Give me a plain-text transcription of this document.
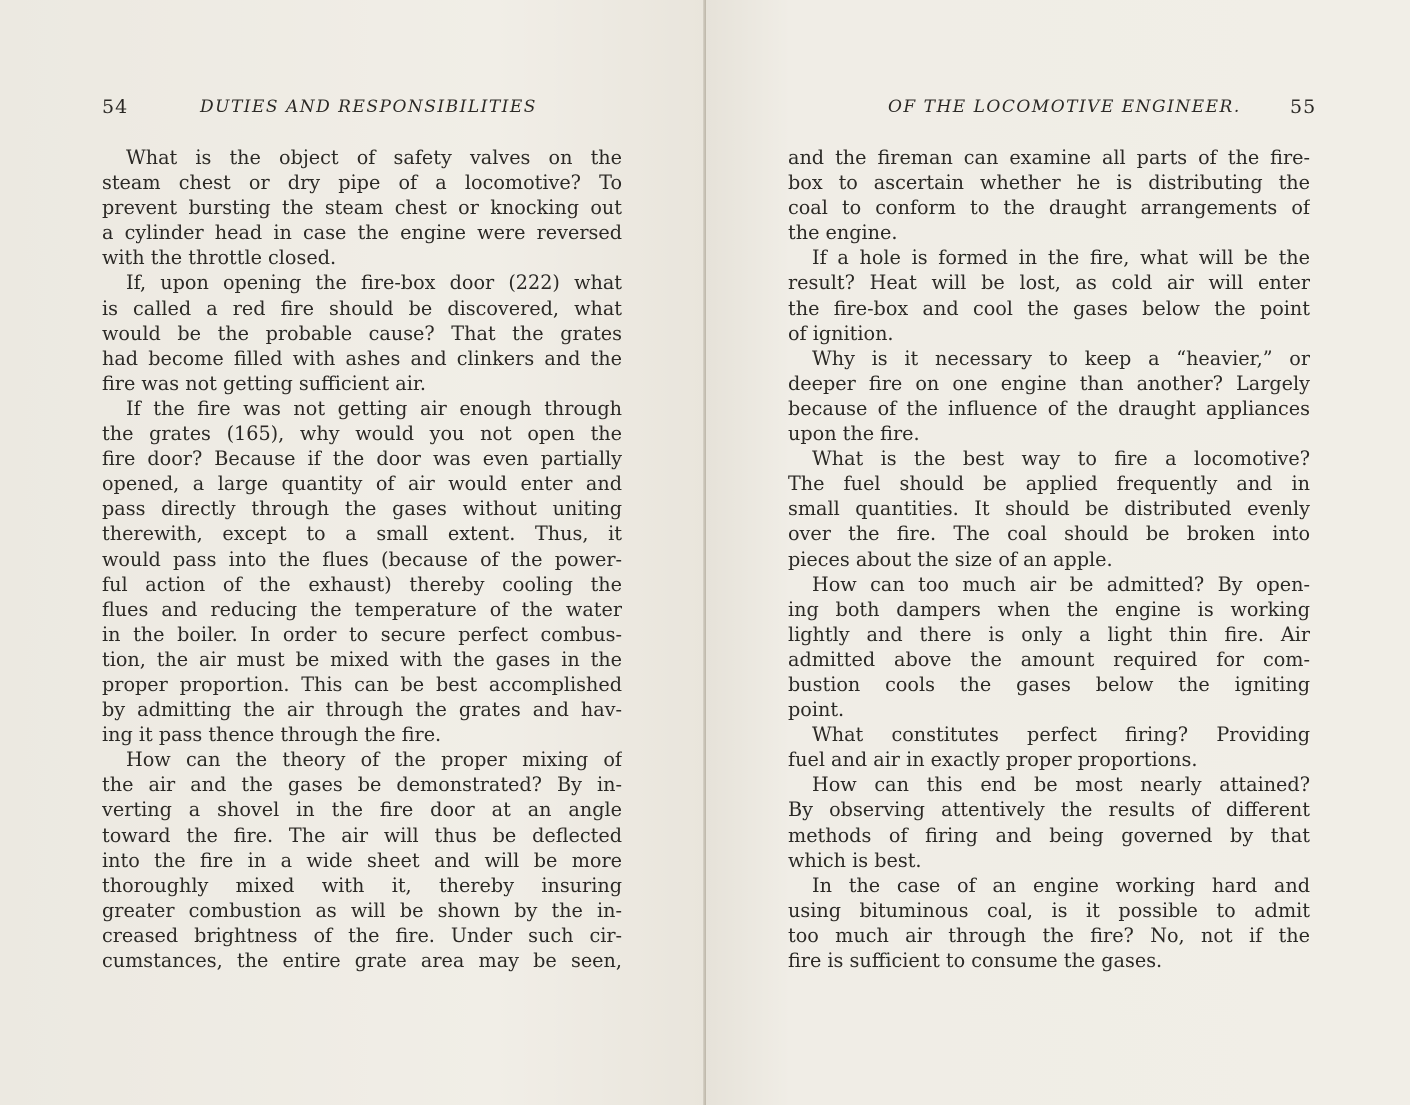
54	DUTIES AND RESPONSIBILITIES
What is the object of safety valves on the
steam chest or dry pipe of a locomotive? To
prevent bursting the steam chest or knocking out
a cylinder head in case the engine were reversed
with the throttle closed.
If, upon opening the fire-box door (222) what
is called a red fire should be discovered, what
would be the probable cause? That the grates
had become filled with ashes and clinkers and the
fire was not getting sufficient air.
If the fire was not getting air enough through
the grates (165), why would you not open the
fire door? Because if the door was even partially
opened, a large quantity of air would enter and
pass directly through the gases without uniting
therewith, except to a small extent. Thus, it
would pass into the flues (because of the power-
ful action of the exhaust) thereby cooling the
flues and reducing the temperature of the water
in the boiler. In order to secure perfect combus-
tion, the air must be mixed with the gases in the
proper proportion. This can be best accomplished
by admitting the air through the grates and hav-
ing it pass thence through the fire.
How can the theory of the proper mixing of
the air and the gases be demonstrated? By in-
verting a shovel in the fire door at an angle
toward the fire. The air will thus be deflected
into the fire in a wide sheet and will be more
thoroughly mixed with it, thereby insuring
greater combustion as will be shown by the in-
creased brightness of the fire. Under such cir-
cumstances, the entire grate area may be seen,
OF THE LOCOMOTIVE ENGINEER.	55
and the fireman can examine all parts of the fire-
box to ascertain whether he is distributing the
coal to conform to the draught arrangements of
the engine.
If a hole is formed in the fire, what will be the
result? Heat will be lost, as cold air will enter
the fire-box and cool the gases below the point
of ignition.
Why is it necessary to keep a “heavier,” or
deeper fire on one engine than another? Largely
because of the influence of the draught appliances
upon the fire.
What is the best way to fire a locomotive?
The fuel should be applied frequently and in
small quantities. It should be distributed evenly
over the fire. The coal should be broken into
pieces about the size of an apple.
How can too much air be admitted? By open-
ing both dampers when the engine is working
lightly and there is only a light thin fire. Air
admitted above the amount required for com-
bustion cools the gases below the igniting
point.
What constitutes perfect firing? Providing
fuel and air in exactly proper proportions.
How can this end be most nearly attained?
By observing attentively the results of different
methods of firing and being governed by that
which is best.
In the case of an engine working hard and
using bituminous coal, is it possible to admit
too much air through the fire? No, not if the
fire is sufficient to consume the gases.
